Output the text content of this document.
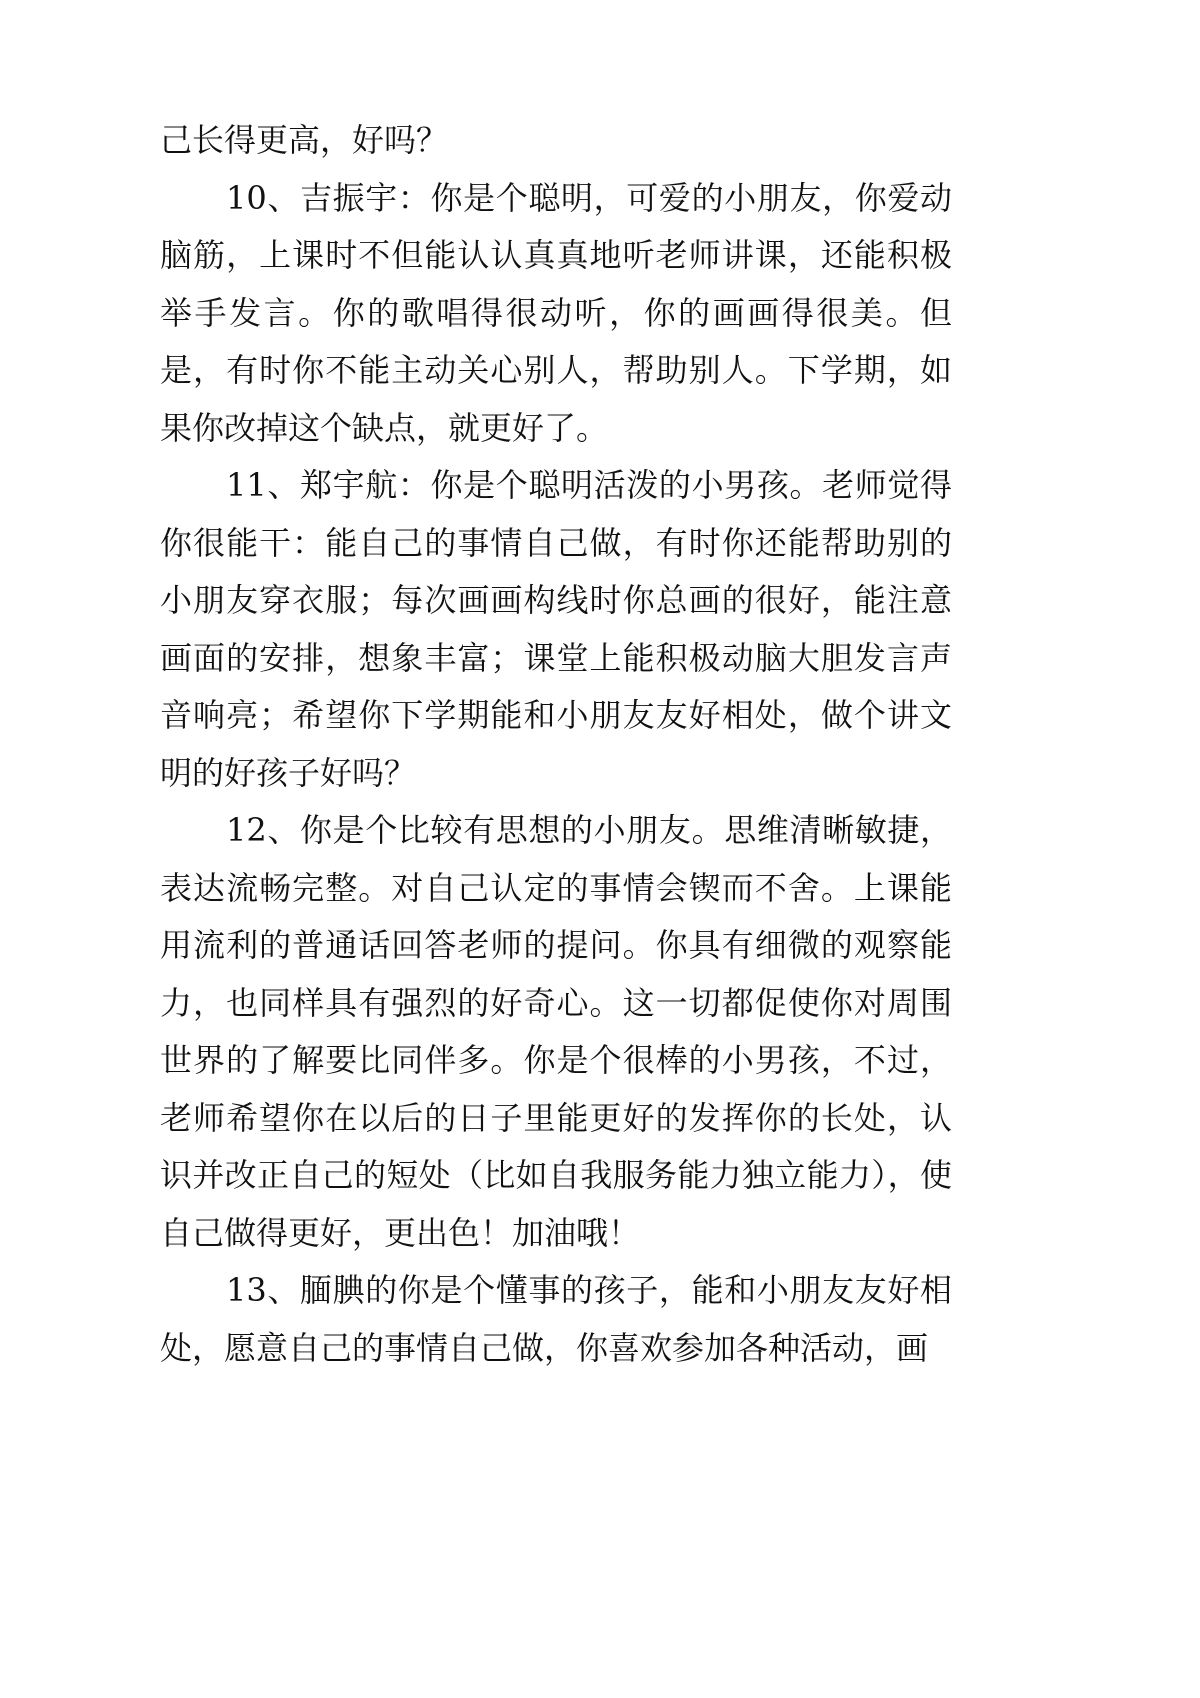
己长得更高，好吗？

10、吉振宇：你是个聪明，可爱的小朋友，你爱动脑筋，上课时不但能认认真真地听老师讲课，还能积极举手发言。你的歌唱得很动听，你的画画得很美。但是，有时你不能主动关心别人，帮助别人。下学期，如果你改掉这个缺点，就更好了。

11、郑宇航：你是个聪明活泼的小男孩。老师觉得你很能干：能自己的事情自己做，有时你还能帮助别的小朋友穿衣服；每次画画构线时你总画的很好，能注意画面的安排，想象丰富；课堂上能积极动脑大胆发言声音响亮；希望你下学期能和小朋友友好相处，做个讲文明的好孩子好吗？

12、你是个比较有思想的小朋友。思维清晰敏捷，表达流畅完整。对自己认定的事情会锲而不舍。上课能用流利的普通话回答老师的提问。你具有细微的观察能力，也同样具有强烈的好奇心。这一切都促使你对周围世界的了解要比同伴多。你是个很棒的小男孩，不过，老师希望你在以后的日子里能更好的发挥你的长处，认识并改正自己的短处（比如自我服务能力独立能力），使自己做得更好，更出色！加油哦！

13、腼腆的你是个懂事的孩子，能和小朋友友好相处，愿意自己的事情自己做，你喜欢参加各种活动，画
